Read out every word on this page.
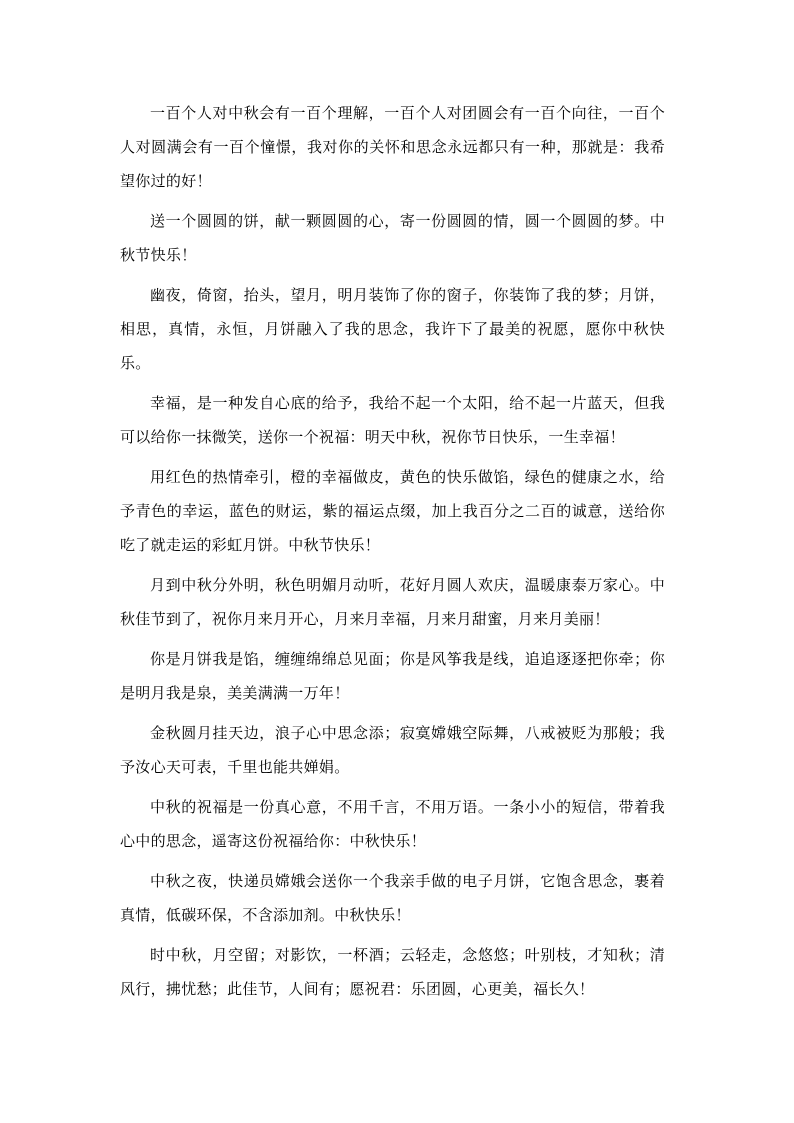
一百个人对中秋会有一百个理解，一百个人对团圆会有一百个向往，一百个人对圆满会有一百个憧憬，我对你的关怀和思念永远都只有一种，那就是：我希望你过的好！

送一个圆圆的饼，献一颗圆圆的心，寄一份圆圆的情，圆一个圆圆的梦。中秋节快乐！

幽夜，倚窗，抬头，望月，明月装饰了你的窗子，你装饰了我的梦；月饼，相思，真情，永恒，月饼融入了我的思念，我许下了最美的祝愿，愿你中秋快乐。

幸福，是一种发自心底的给予，我给不起一个太阳，给不起一片蓝天，但我可以给你一抹微笑，送你一个祝福：明天中秋，祝你节日快乐，一生幸福！

用红色的热情牵引，橙的幸福做皮，黄色的快乐做馅，绿色的健康之水，给予青色的幸运，蓝色的财运，紫的福运点缀，加上我百分之二百的诚意，送给你吃了就走运的彩虹月饼。中秋节快乐！

月到中秋分外明，秋色明媚月动听，花好月圆人欢庆，温暖康泰万家心。中秋佳节到了，祝你月来月开心，月来月幸福，月来月甜蜜，月来月美丽！

你是月饼我是馅，缠缠绵绵总见面；你是风筝我是线，追追逐逐把你牵；你是明月我是泉，美美满满一万年！

金秋圆月挂天边，浪子心中思念添；寂寞嫦娥空际舞，八戒被贬为那般；我予汝心天可表，千里也能共婵娟。

中秋的祝福是一份真心意，不用千言，不用万语。一条小小的短信，带着我心中的思念，遥寄这份祝福给你：中秋快乐！

中秋之夜，快递员嫦娥会送你一个我亲手做的电子月饼，它饱含思念，裹着真情，低碳环保，不含添加剂。中秋快乐！

时中秋，月空留；对影饮，一杯酒；云轻走，念悠悠；叶别枝，才知秋；清风行，拂忧愁；此佳节，人间有；愿祝君：乐团圆，心更美，福长久！
